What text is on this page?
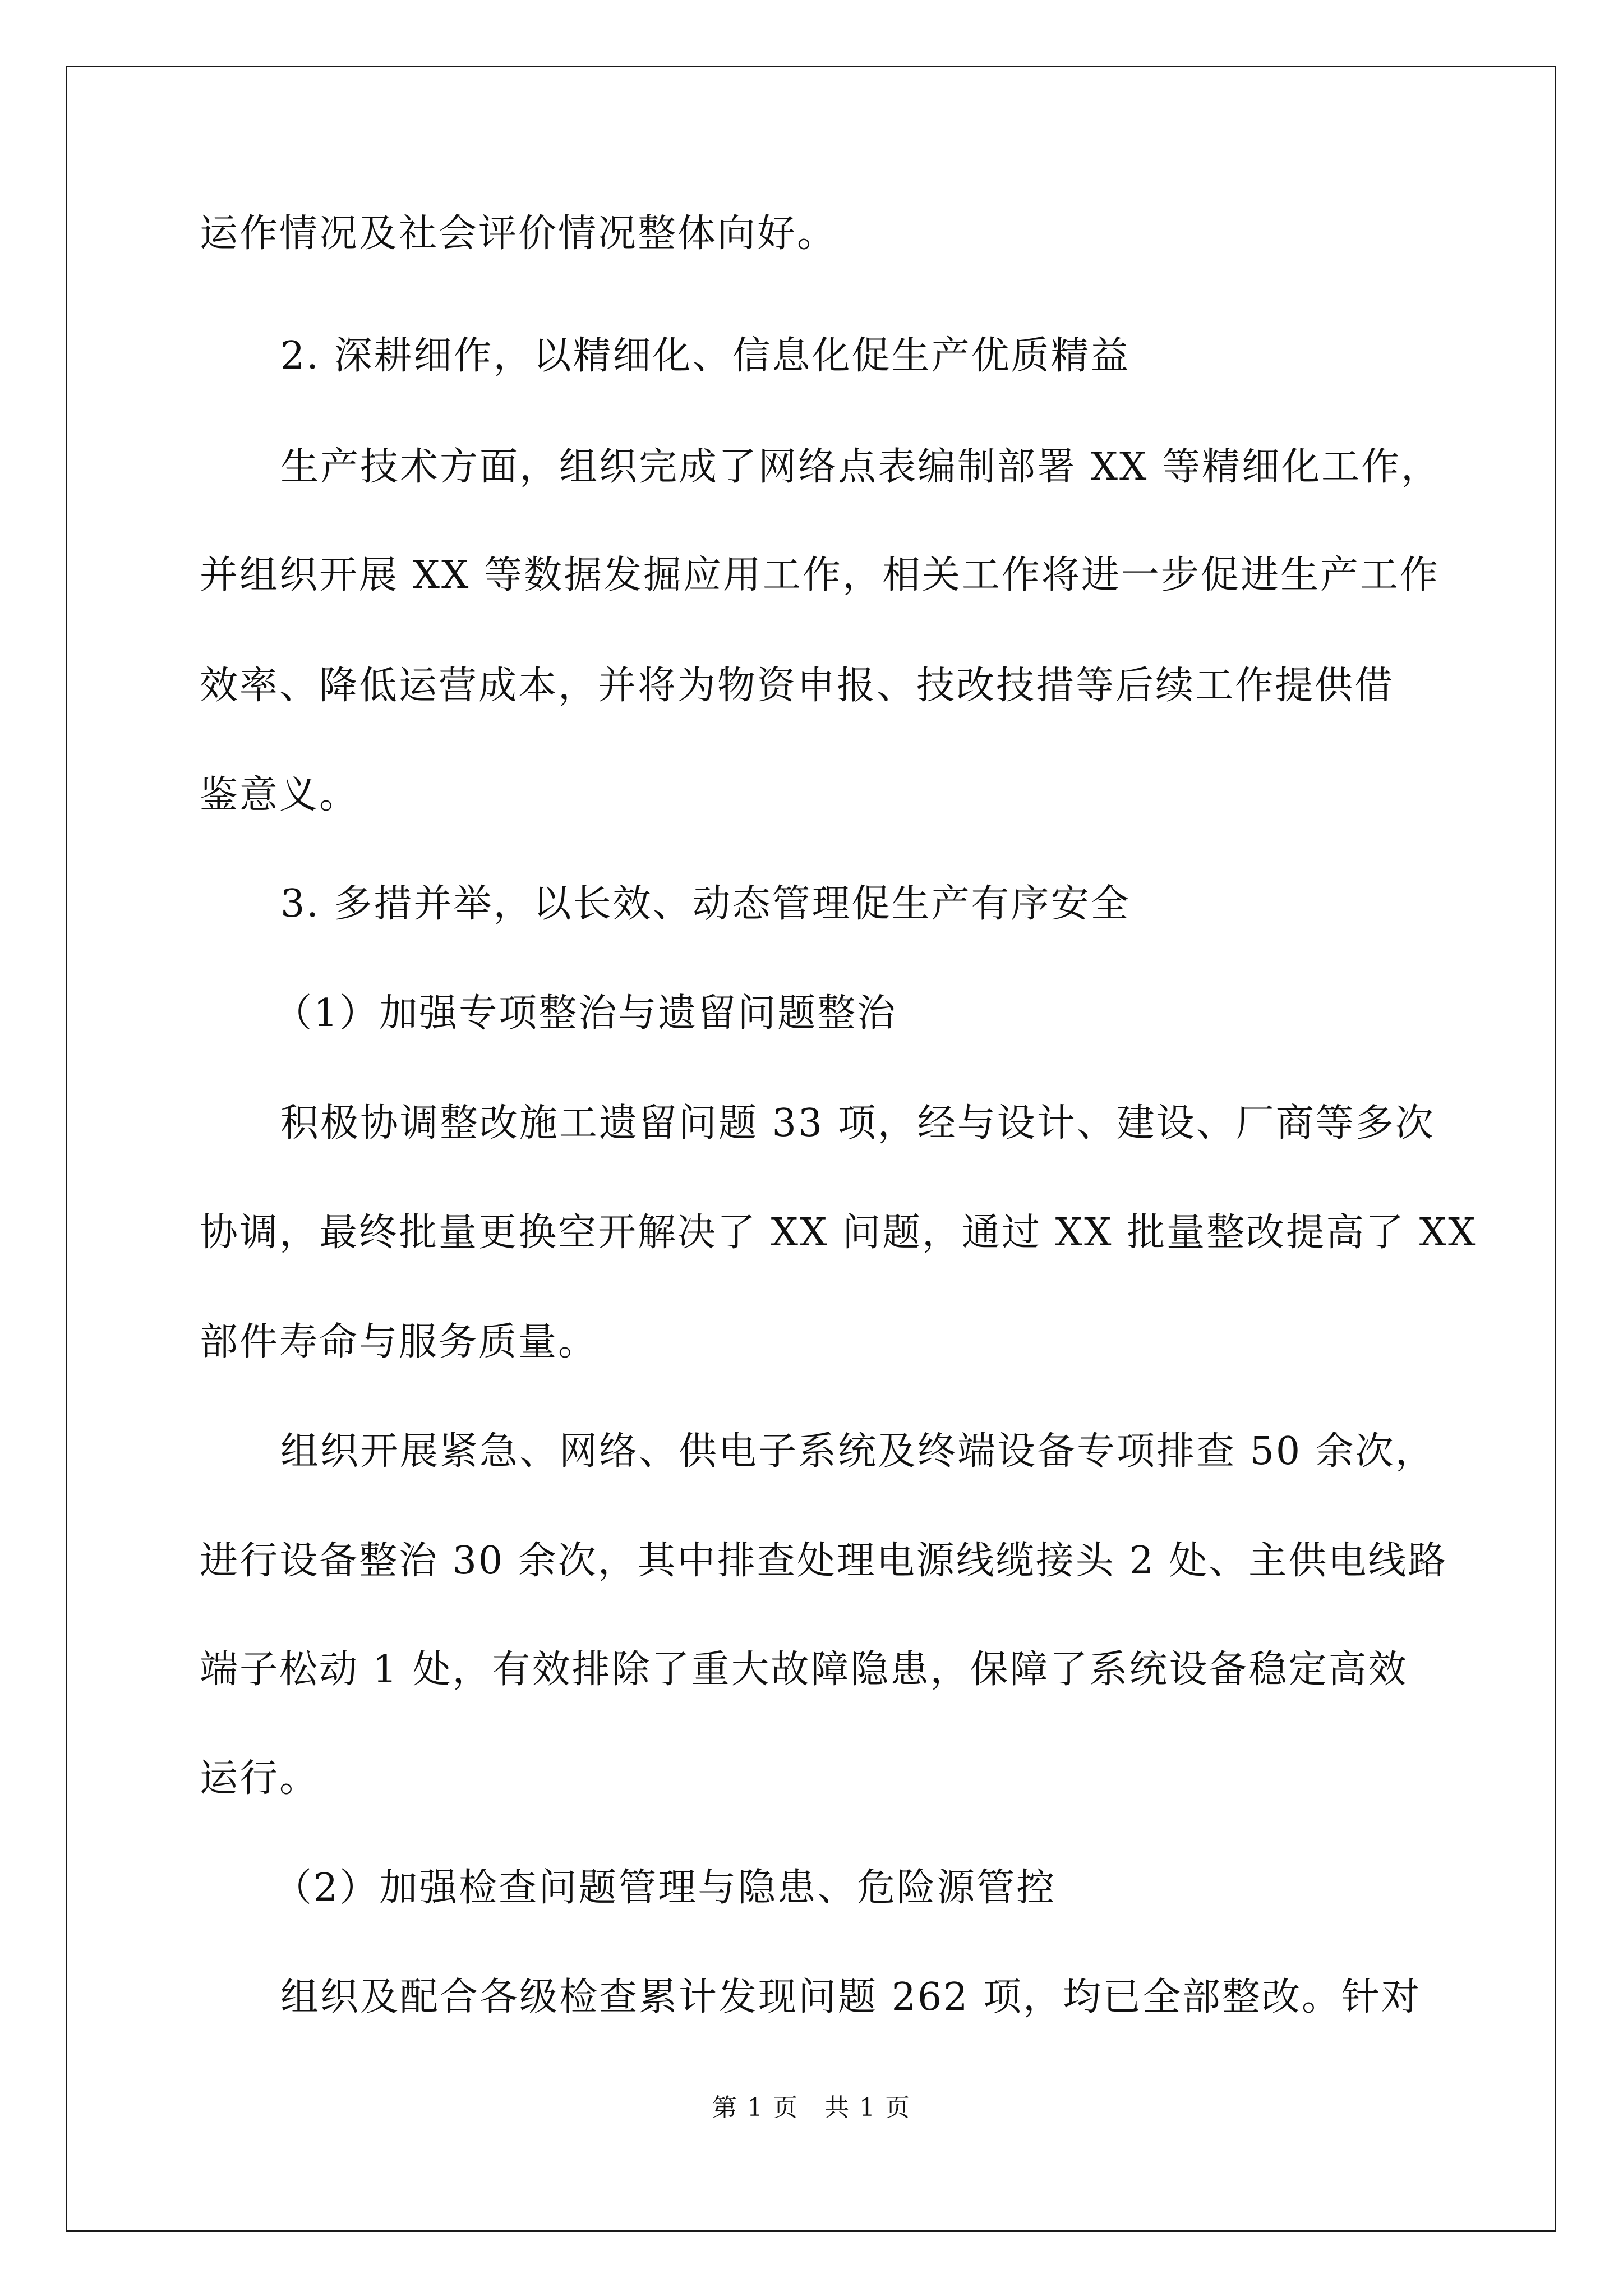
运作情况及社会评价情况整体向好。
2. 深耕细作，以精细化、信息化促生产优质精益
生产技术方面，组织完成了网络点表编制部署 XX 等精细化工作，
并组织开展 XX 等数据发掘应用工作，相关工作将进一步促进生产工作
效率、降低运营成本，并将为物资申报、技改技措等后续工作提供借
鉴意义。
3. 多措并举，以长效、动态管理促生产有序安全
（1）加强专项整治与遗留问题整治
积极协调整改施工遗留问题 33 项，经与设计、建设、厂商等多次
协调，最终批量更换空开解决了 XX 问题，通过 XX 批量整改提高了 XX
部件寿命与服务质量。
组织开展紧急、网络、供电子系统及终端设备专项排查 50 余次，
进行设备整治 30 余次，其中排查处理电源线缆接头 2 处、主供电线路
端子松动 1 处，有效排除了重大故障隐患，保障了系统设备稳定高效
运行。
（2）加强检查问题管理与隐患、危险源管控
组织及配合各级检查累计发现问题 262 项，均已全部整改。针对
第 1 页　共 1 页
